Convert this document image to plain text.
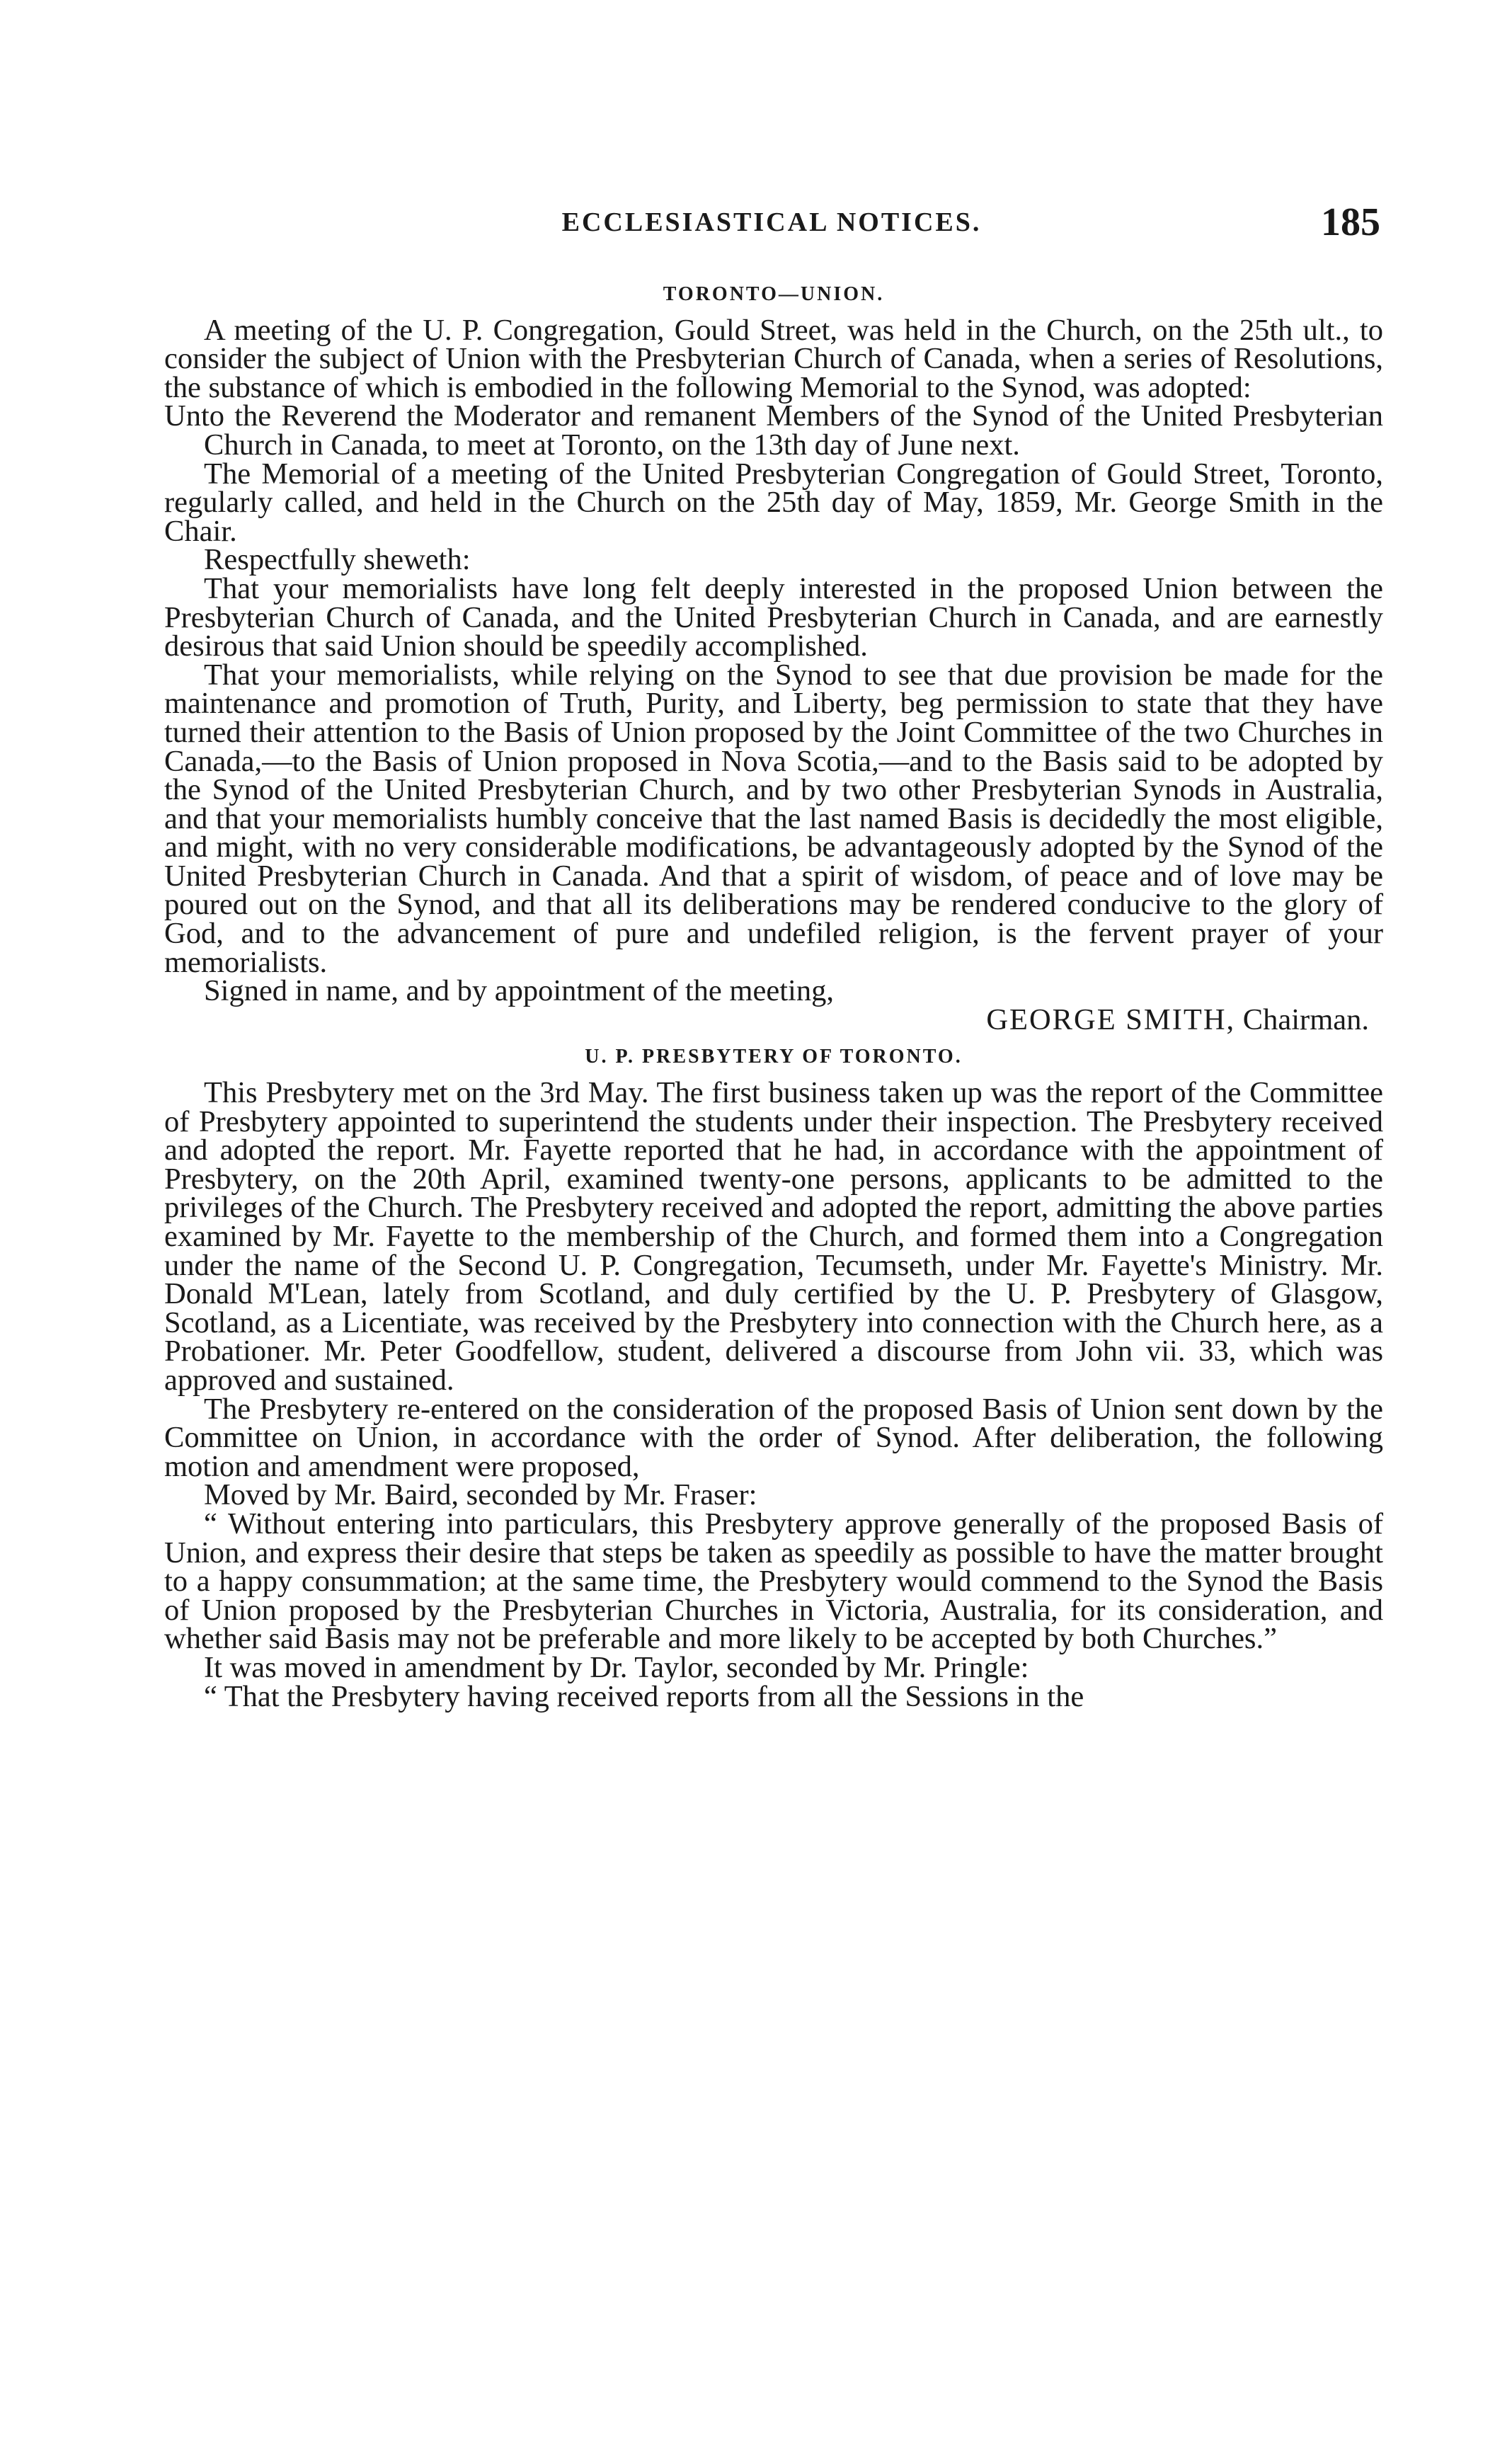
ECCLESIASTICAL NOTICES.	185
TORONTO—UNION.

A meeting of the U. P. Congregation, Gould Street, was held in the Church, on the 25th ult., to consider the subject of Union with the Presbyterian Church of Canada, when a series of Resolutions, the substance of which is embodied in the following Memorial to the Synod, was adopted:

Unto the Reverend the Moderator and remanent Members of the Synod of the United Presbyterian Church in Canada, to meet at Toronto, on the 13th day of June next.

The Memorial of a meeting of the United Presbyterian Congregation of Gould Street, Toronto, regularly called, and held in the Church on the 25th day of May, 1859, Mr. George Smith in the Chair.

Respectfully sheweth:

That your memorialists have long felt deeply interested in the proposed Union between the Presbyterian Church of Canada, and the United Presbyterian Church in Canada, and are earnestly desirous that said Union should be speedily accomplished.

That your memorialists, while relying on the Synod to see that due provision be made for the maintenance and promotion of Truth, Purity, and Liberty, beg permission to state that they have turned their attention to the Basis of Union proposed by the Joint Committee of the two Churches in Canada,—to the Basis of Union proposed in Nova Scotia,—and to the Basis said to be adopted by the Synod of the United Presbyterian Church, and by two other Presbyterian Synods in Australia, and that your memorialists humbly conceive that the last named Basis is decidedly the most eligible, and might, with no very considerable modifications, be advantageously adopted by the Synod of the United Presbyterian Church in Canada. And that a spirit of wisdom, of peace and of love may be poured out on the Synod, and that all its deliberations may be rendered conducive to the glory of God, and to the advancement of pure and undefiled religion, is the fervent prayer of your memorialists.

Signed in name, and by appointment of the meeting,

GEORGE SMITH, Chairman.

U. P. PRESBYTERY OF TORONTO.

This Presbytery met on the 3rd May. The first business taken up was the report of the Committee of Presbytery appointed to superintend the students under their inspection. The Presbytery received and adopted the report. Mr. Fayette reported that he had, in accordance with the appointment of Presbytery, on the 20th April, examined twenty-one persons, applicants to be admitted to the privileges of the Church. The Presbytery received and adopted the report, admitting the above parties examined by Mr. Fayette to the membership of the Church, and formed them into a Congregation under the name of the Second U. P. Congregation, Tecumseth, under Mr. Fayette's Ministry. Mr. Donald M'Lean, lately from Scotland, and duly certified by the U. P. Presbytery of Glasgow, Scotland, as a Licentiate, was received by the Presbytery into connection with the Church here, as a Probationer. Mr. Peter Goodfellow, student, delivered a discourse from John vii. 33, which was approved and sustained.

The Presbytery re-entered on the consideration of the proposed Basis of Union sent down by the Committee on Union, in accordance with the order of Synod. After deliberation, the following motion and amendment were proposed,

Moved by Mr. Baird, seconded by Mr. Fraser:

“ Without entering into particulars, this Presbytery approve generally of the proposed Basis of Union, and express their desire that steps be taken as speedily as possible to have the matter brought to a happy consummation; at the same time, the Presbytery would commend to the Synod the Basis of Union proposed by the Presbyterian Churches in Victoria, Australia, for its consideration, and whether said Basis may not be preferable and more likely to be accepted by both Churches.”

It was moved in amendment by Dr. Taylor, seconded by Mr. Pringle:

“ That the Presbytery having received reports from all the Sessions in the
